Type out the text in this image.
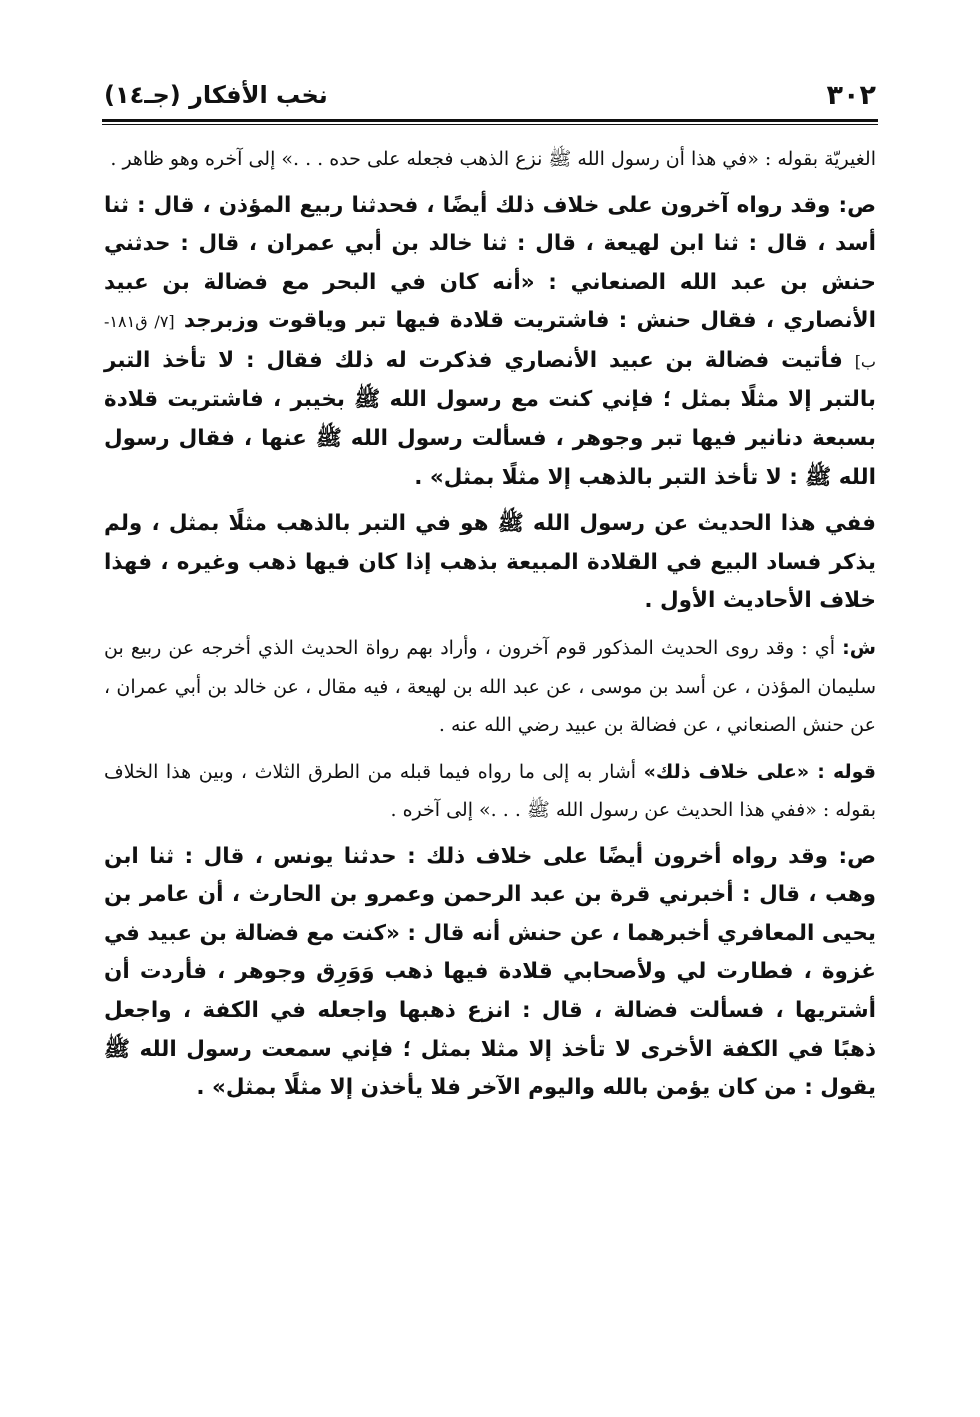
٣٠٢
نخب الأفكار (جـ١٤)

الغيريّة بقوله : «في هذا أن رسول الله ﷺ نزع الذهب فجعله على حده . . .» إلى آخره وهو ظاهر .

ص: وقد رواه آخرون على خلاف ذلك أيضًا ، فحدثنا ربيع المؤذن ، قال : ثنا أسد ، قال : ثنا ابن لهيعة ، قال : ثنا خالد بن أبي عمران ، قال : حدثني حنش بن عبد الله الصنعاني : «أنه كان في البحر مع فضالة بن عبيد الأنصاري ، فقال حنش : فاشتريت قلادة فيها تبر وياقوت وزبرجد [٧/ ق١٨١-ب] فأتيت فضالة بن عبيد الأنصاري فذكرت له ذلك فقال : لا تأخذ التبر بالتبر إلا مثلًا بمثل ؛ فإني كنت مع رسول الله ﷺ بخيبر ، فاشتريت قلادة بسبعة دنانير فيها تبر وجوهر ، فسألت رسول الله ﷺ عنها ، فقال رسول الله ﷺ : لا تأخذ التبر بالذهب إلا مثلًا بمثل» .

ففي هذا الحديث عن رسول الله ﷺ هو في التبر بالذهب مثلًا بمثل ، ولم يذكر فساد البيع في القلادة المبيعة بذهب إذا كان فيها ذهب وغيره ، فهذا خلاف الأحاديث الأول .

ش: أي : وقد روى الحديث المذكور قوم آخرون ، وأراد بهم رواة الحديث الذي أخرجه عن ربيع بن سليمان المؤذن ، عن أسد بن موسى ، عن عبد الله بن لهيعة ، فيه مقال ، عن خالد بن أبي عمران ، عن حنش الصنعاني ، عن فضالة بن عبيد رضي الله عنه .

قوله : «على خلاف ذلك» أشار به إلى ما رواه فيما قبله من الطرق الثلاث ، وبين هذا الخلاف بقوله : «ففي هذا الحديث عن رسول الله ﷺ . . .» إلى آخره .

ص: وقد رواه أخرون أيضًا على خلاف ذلك : حدثنا يونس ، قال : ثنا ابن وهب ، قال : أخبرني قرة بن عبد الرحمن وعمرو بن الحارث ، أن عامر بن يحيى المعافري أخبرهما ، عن حنش أنه قال : «كنت مع فضالة بن عبيد في غزوة ، فطارت لي ولأصحابي قلادة فيها ذهب وَوَرِق وجوهر ، فأردت أن أشتريها ، فسألت فضالة ، قال : انزع ذهبها واجعله في الكفة ، واجعل ذهبًا في الكفة الأخرى لا تأخذ إلا مثلا بمثل ؛ فإني سمعت رسول الله ﷺ يقول : من كان يؤمن بالله واليوم الآخر فلا يأخذن إلا مثلًا بمثل» .
